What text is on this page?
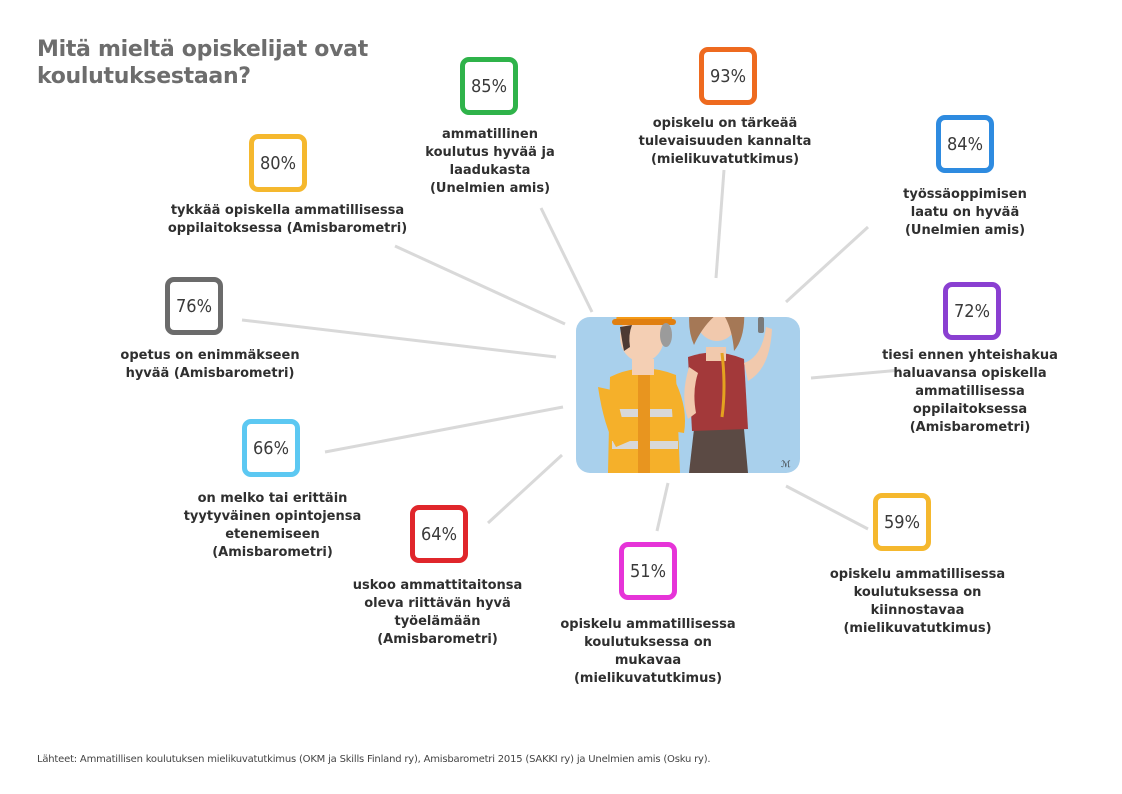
Mitä mieltä opiskelijat ovat koulutuksestaan?
ℳ
85%
ammatillinen
koulutus hyvää ja
laadukasta
(Unelmien amis)
93%
opiskelu on tärkeää
tulevaisuuden kannalta
(mielikuvatutkimus)
84%
työssäoppimisen
laatu on hyvää
(Unelmien amis)
80%
tykkää opiskella ammatillisessa
oppilaitoksessa (Amisbarometri)
76%
opetus on enimmäkseen
hyvää (Amisbarometri)
72%
tiesi ennen yhteishakua
haluavansa opiskella
ammatillisessa
oppilaitoksessa
(Amisbarometri)
66%
on melko tai erittäin
tyytyväinen opintojensa
etenemiseen
(Amisbarometri)
64%
uskoo ammattitaitonsa
oleva riittävän hyvä
työelämään
(Amisbarometri)
51%
opiskelu ammatillisessa
koulutuksessa on
mukavaa
(mielikuvatutkimus)
59%
opiskelu ammatillisessa
koulutuksessa on
kiinnostavaa
(mielikuvatutkimus)
Lähteet: Ammatillisen koulutuksen mielikuvatutkimus (OKM ja Skills Finland ry), Amisbarometri 2015 (SAKKI ry) ja Unelmien amis (Osku ry).
